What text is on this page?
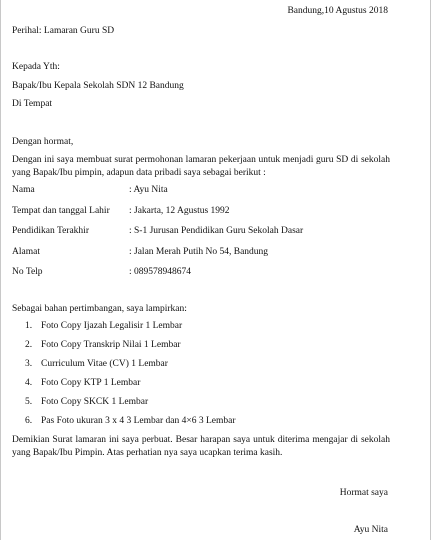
Bandung,10 Agustus 2018
Perihal: Lamaran Guru SD
Kepada Yth:
Bapak/Ibu Kepala Sekolah SDN 12 Bandung
Di Tempat
Dengan hormat,
Dengan ini saya membuat surat permohonan lamaran pekerjaan untuk menjadi guru SD di sekolah yang Bapak/Ibu pimpin, adapun data pribadi saya sebagai berikut :
Nama	: Ayu Nita
Tempat dan tanggal Lahir : Jakarta, 12 Agustus 1992
Pendidikan Terakhir	: S-1 Jurusan Pendidikan Guru Sekolah Dasar
Alamat	: Jalan Merah Putih No 54, Bandung
No Telp	: 089578948674
Sebagai bahan pertimbangan, saya lampirkan:
1. Foto Copy Ijazah Legalisir 1 Lembar
2. Foto Copy Transkrip Nilai 1 Lembar
3. Curriculum Vitae (CV) 1 Lembar
4. Foto Copy KTP 1 Lembar
5. Foto Copy SKCK 1 Lembar
6. Pas Foto ukuran 3 x 4 3 Lembar dan 4×6 3 Lembar
Demikian Surat lamaran ini saya perbuat. Besar harapan saya untuk diterima mengajar di sekolah yang Bapak/Ibu Pimpin. Atas perhatian nya saya ucapkan terima kasih.
Hormat saya
Ayu Nita
